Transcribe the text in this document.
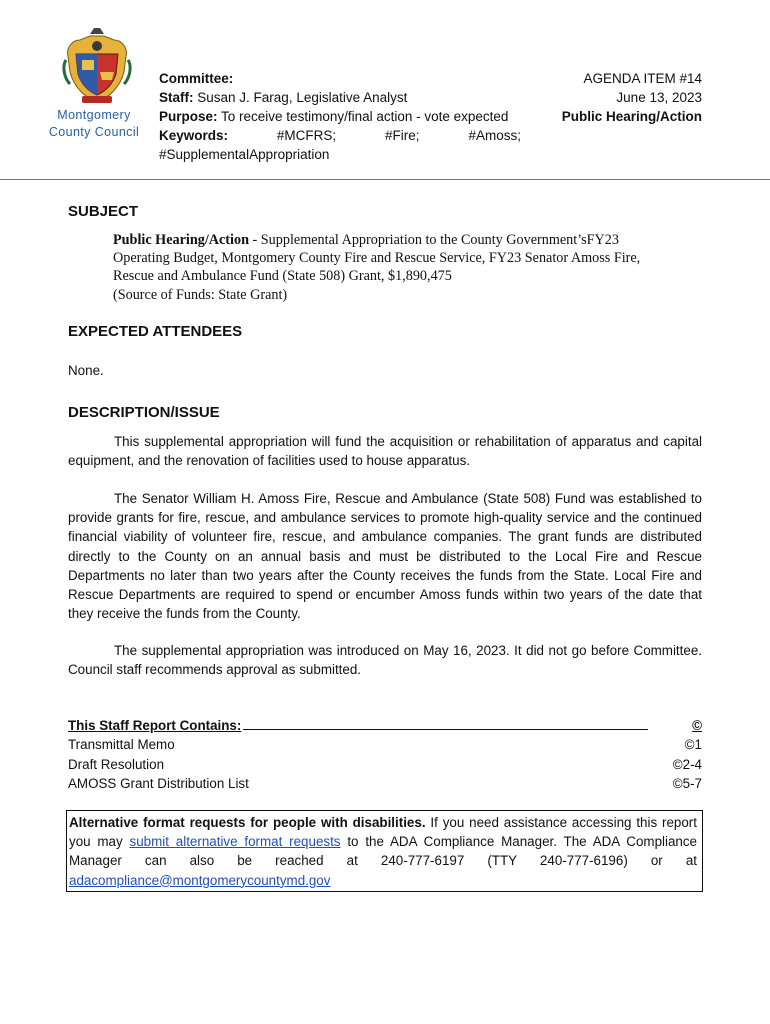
Montgomery
County Council
Committee:
Staff: Susan J. Farag, Legislative Analyst
Purpose: To receive testimony/final action - vote expected
Keywords:	#MCFRS;	#Fire;	#Amoss;
#SupplementalAppropriation
AGENDA ITEM #14
June 13, 2023
Public Hearing/Action
SUBJECT
Public Hearing/Action - Supplemental Appropriation to the County Government’sFY23 Operating Budget, Montgomery County Fire and Rescue Service, FY23 Senator Amoss Fire, Rescue and Ambulance Fund (State 508) Grant, $1,890,475
(Source of Funds: State Grant)
EXPECTED ATTENDEES
None.
DESCRIPTION/ISSUE
This supplemental appropriation will fund the acquisition or rehabilitation of apparatus and capital equipment, and the renovation of facilities used to house apparatus.
The Senator William H. Amoss Fire, Rescue and Ambulance (State 508) Fund was established to provide grants for fire, rescue, and ambulance services to promote high-quality service and the continued financial viability of volunteer fire, rescue, and ambulance companies. The grant funds are distributed directly to the County on an annual basis and must be distributed to the Local Fire and Rescue Departments no later than two years after the County receives the funds from the State. Local Fire and Rescue Departments are required to spend or encumber Amoss funds within two years of the date that they receive the funds from the County.
The supplemental appropriation was introduced on May 16, 2023. It did not go before Committee. Council staff recommends approval as submitted.
This Staff Report Contains:	©
Transmittal Memo	©1
Draft Resolution	©2-4
AMOSS Grant Distribution List	©5-7
Alternative format requests for people with disabilities. If you need assistance accessing this report you may submit alternative format requests to the ADA Compliance Manager. The ADA Compliance Manager can also be reached at 240-777-6197 (TTY 240-777-6196) or at adacompliance@montgomerycountymd.gov
